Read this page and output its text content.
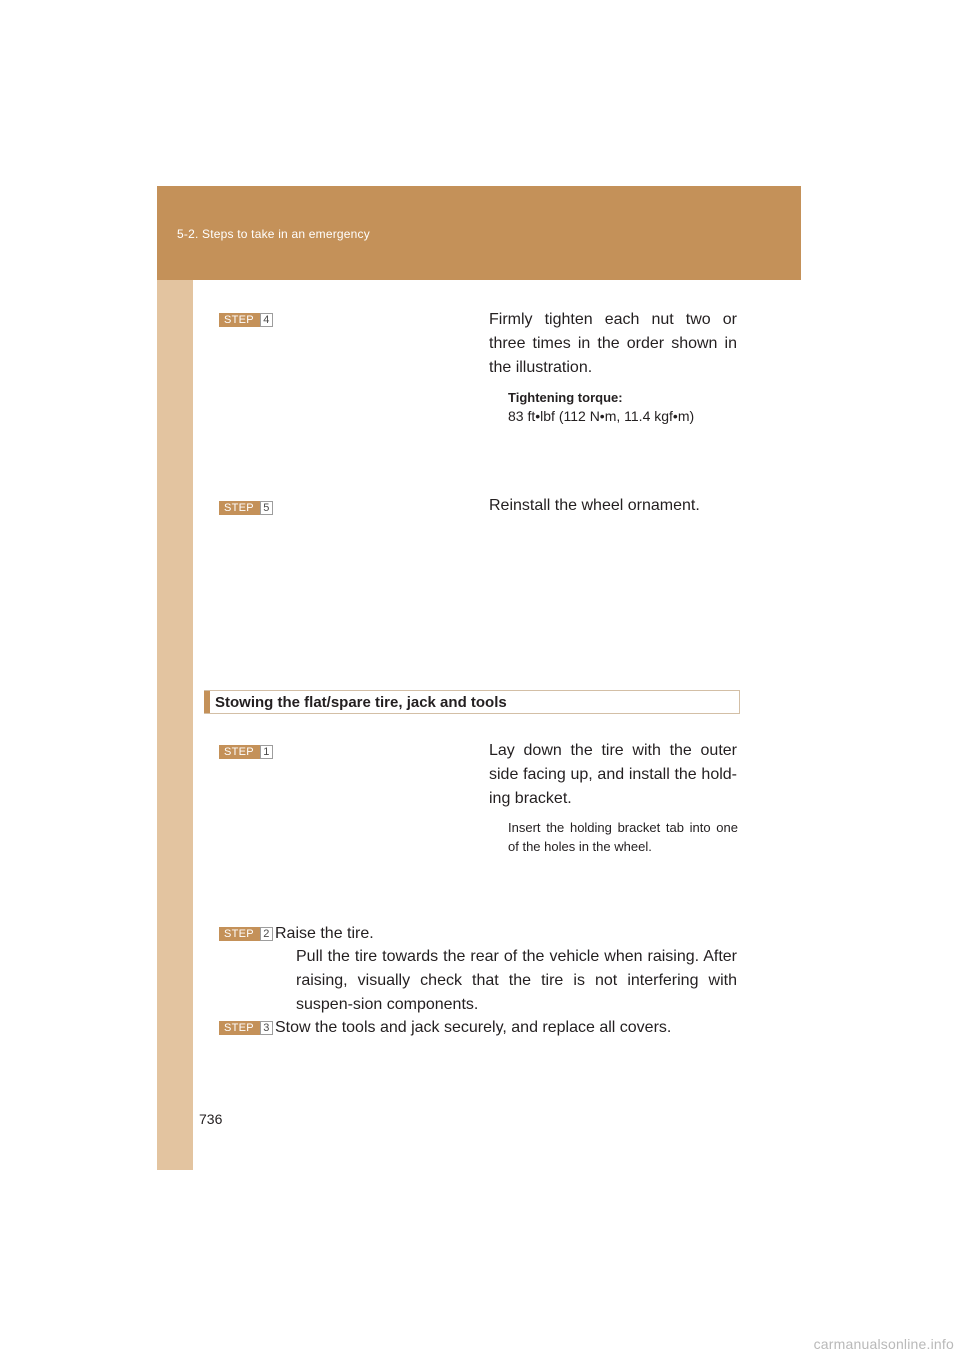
5-2. Steps to take in an emergency
STEP 4	Firmly tighten each nut two or three times in the order shown in the illustration.
Tightening torque:
83 ft•lbf (112 N•m, 11.4 kgf•m)
STEP 5	Reinstall the wheel ornament.
Stowing the flat/spare tire, jack and tools
STEP 1	Lay down the tire with the outer side facing up, and install the hold-ing bracket.
Insert the holding bracket tab into one of the holes in the wheel.
STEP 2 Raise the tire.
Pull the tire towards the rear of the vehicle when raising. After raising, visually check that the tire is not interfering with suspen-sion components.
STEP 3 Stow the tools and jack securely, and replace all covers.
736
carmanualsonline.info
